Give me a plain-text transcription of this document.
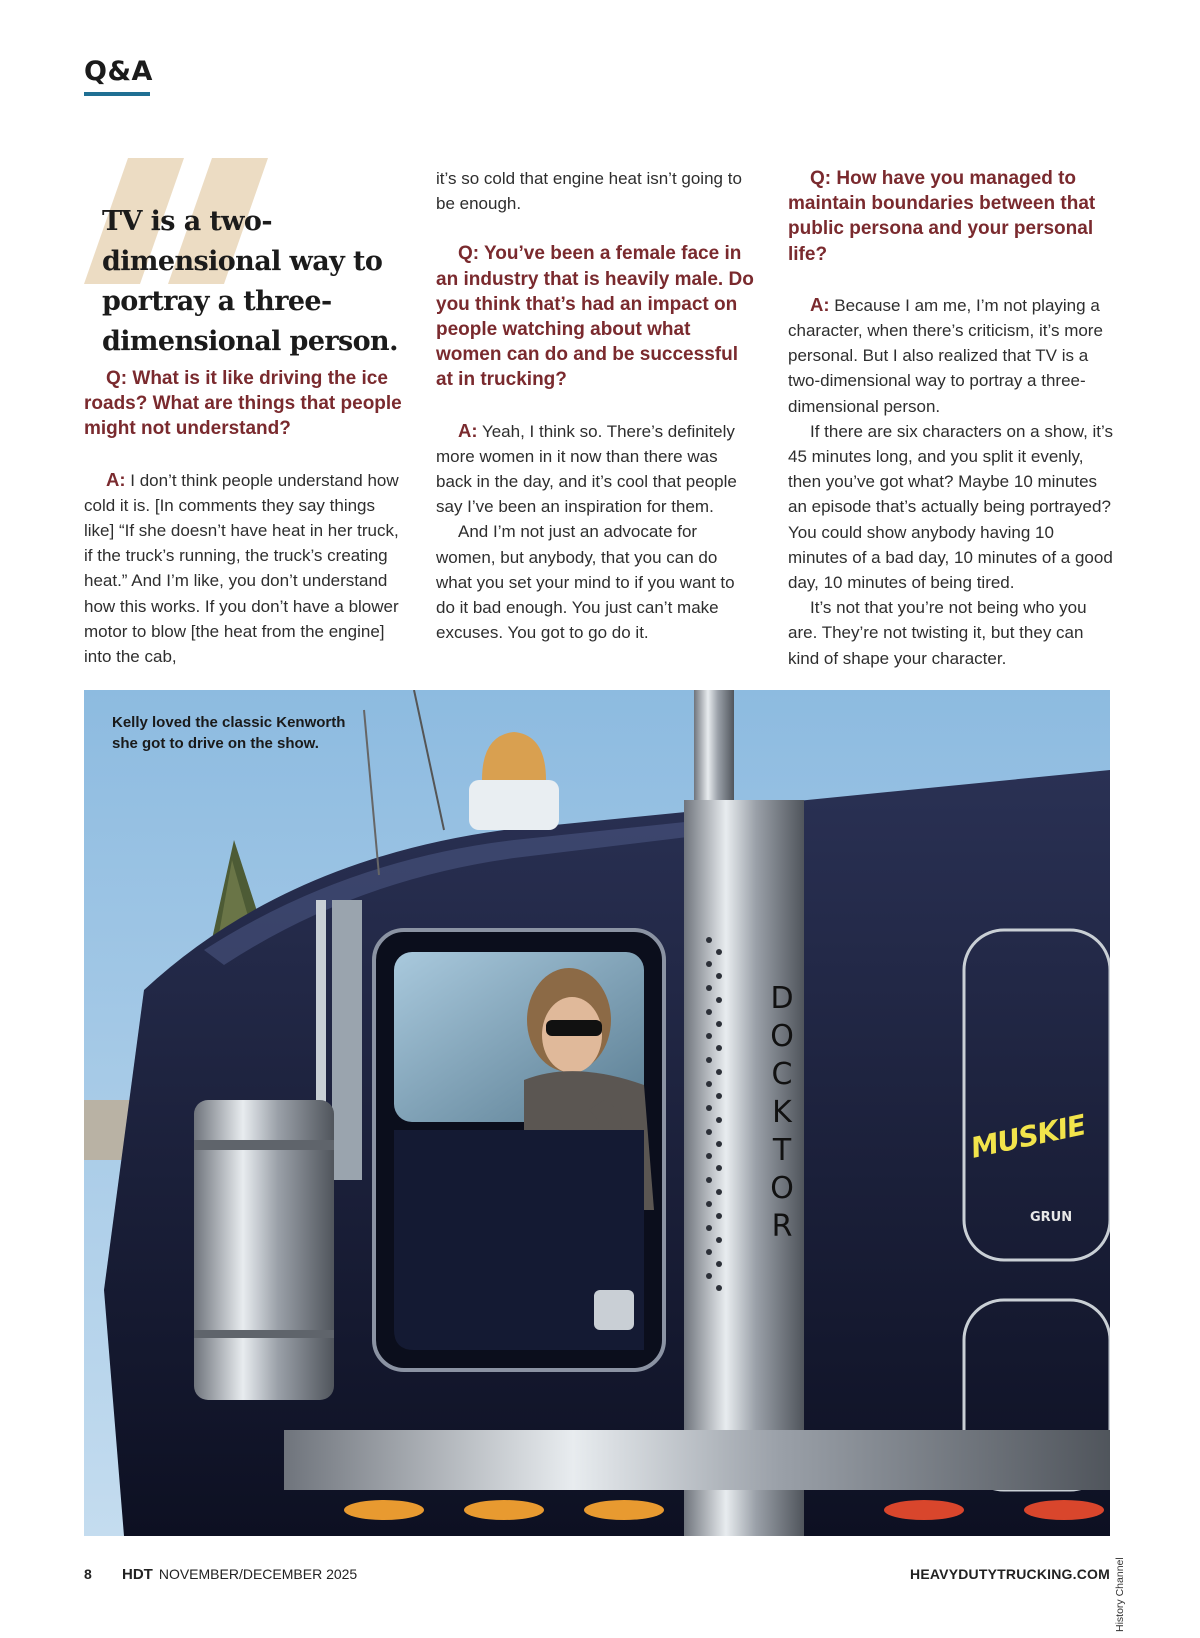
Q&A
TV is a two-dimensional way to portray a three-dimensional person.

Q: What is it like driving the ice roads? What are things that people might not understand?

A: I don’t think people understand how cold it is. [In comments they say things like] “If she doesn’t have heat in her truck, if the truck’s running, the truck’s creating heat.” And I’m like, you don’t understand how this works. If you don’t have a blower motor to blow [the heat from the engine] into the cab,

it’s so cold that engine heat isn’t going to be enough.

Q: You’ve been a female face in an industry that is heavily male. Do you think that’s had an impact on people watching about what women can do and be successful at in trucking?

A: Yeah, I think so. There’s definitely more women in it now than there was back in the day, and it’s cool that people say I’ve been an inspiration for them.

And I’m not just an advocate for women, but anybody, that you can do what you set your mind to if you want to do it bad enough. You just can’t make excuses. You got to go do it.

Q: How have you managed to maintain boundaries between that public persona and your personal life?

A: Because I am me, I’m not playing a character, when there’s criticism, it’s more personal. But I also realized that TV is a two-dimensional way to portray a three-dimensional person.

If there are six characters on a show, it’s 45 minutes long, and you split it evenly, then you’ve got what? Maybe 10 minutes an episode that’s actually being portrayed? You could show anybody having 10 minutes of a bad day, 10 minutes of a good day, 10 minutes of being tired.

It’s not that you’re not being who you are. They’re not twisting it, but they can kind of shape your character.

DOCKTOR
MUSKIE
GRUN
Kelly loved the classic Kenworth she got to drive on the show.
History Channel
8 HDT NOVEMBER/DECEMBER 2025	HEAVYDUTYTRUCKING.COM
